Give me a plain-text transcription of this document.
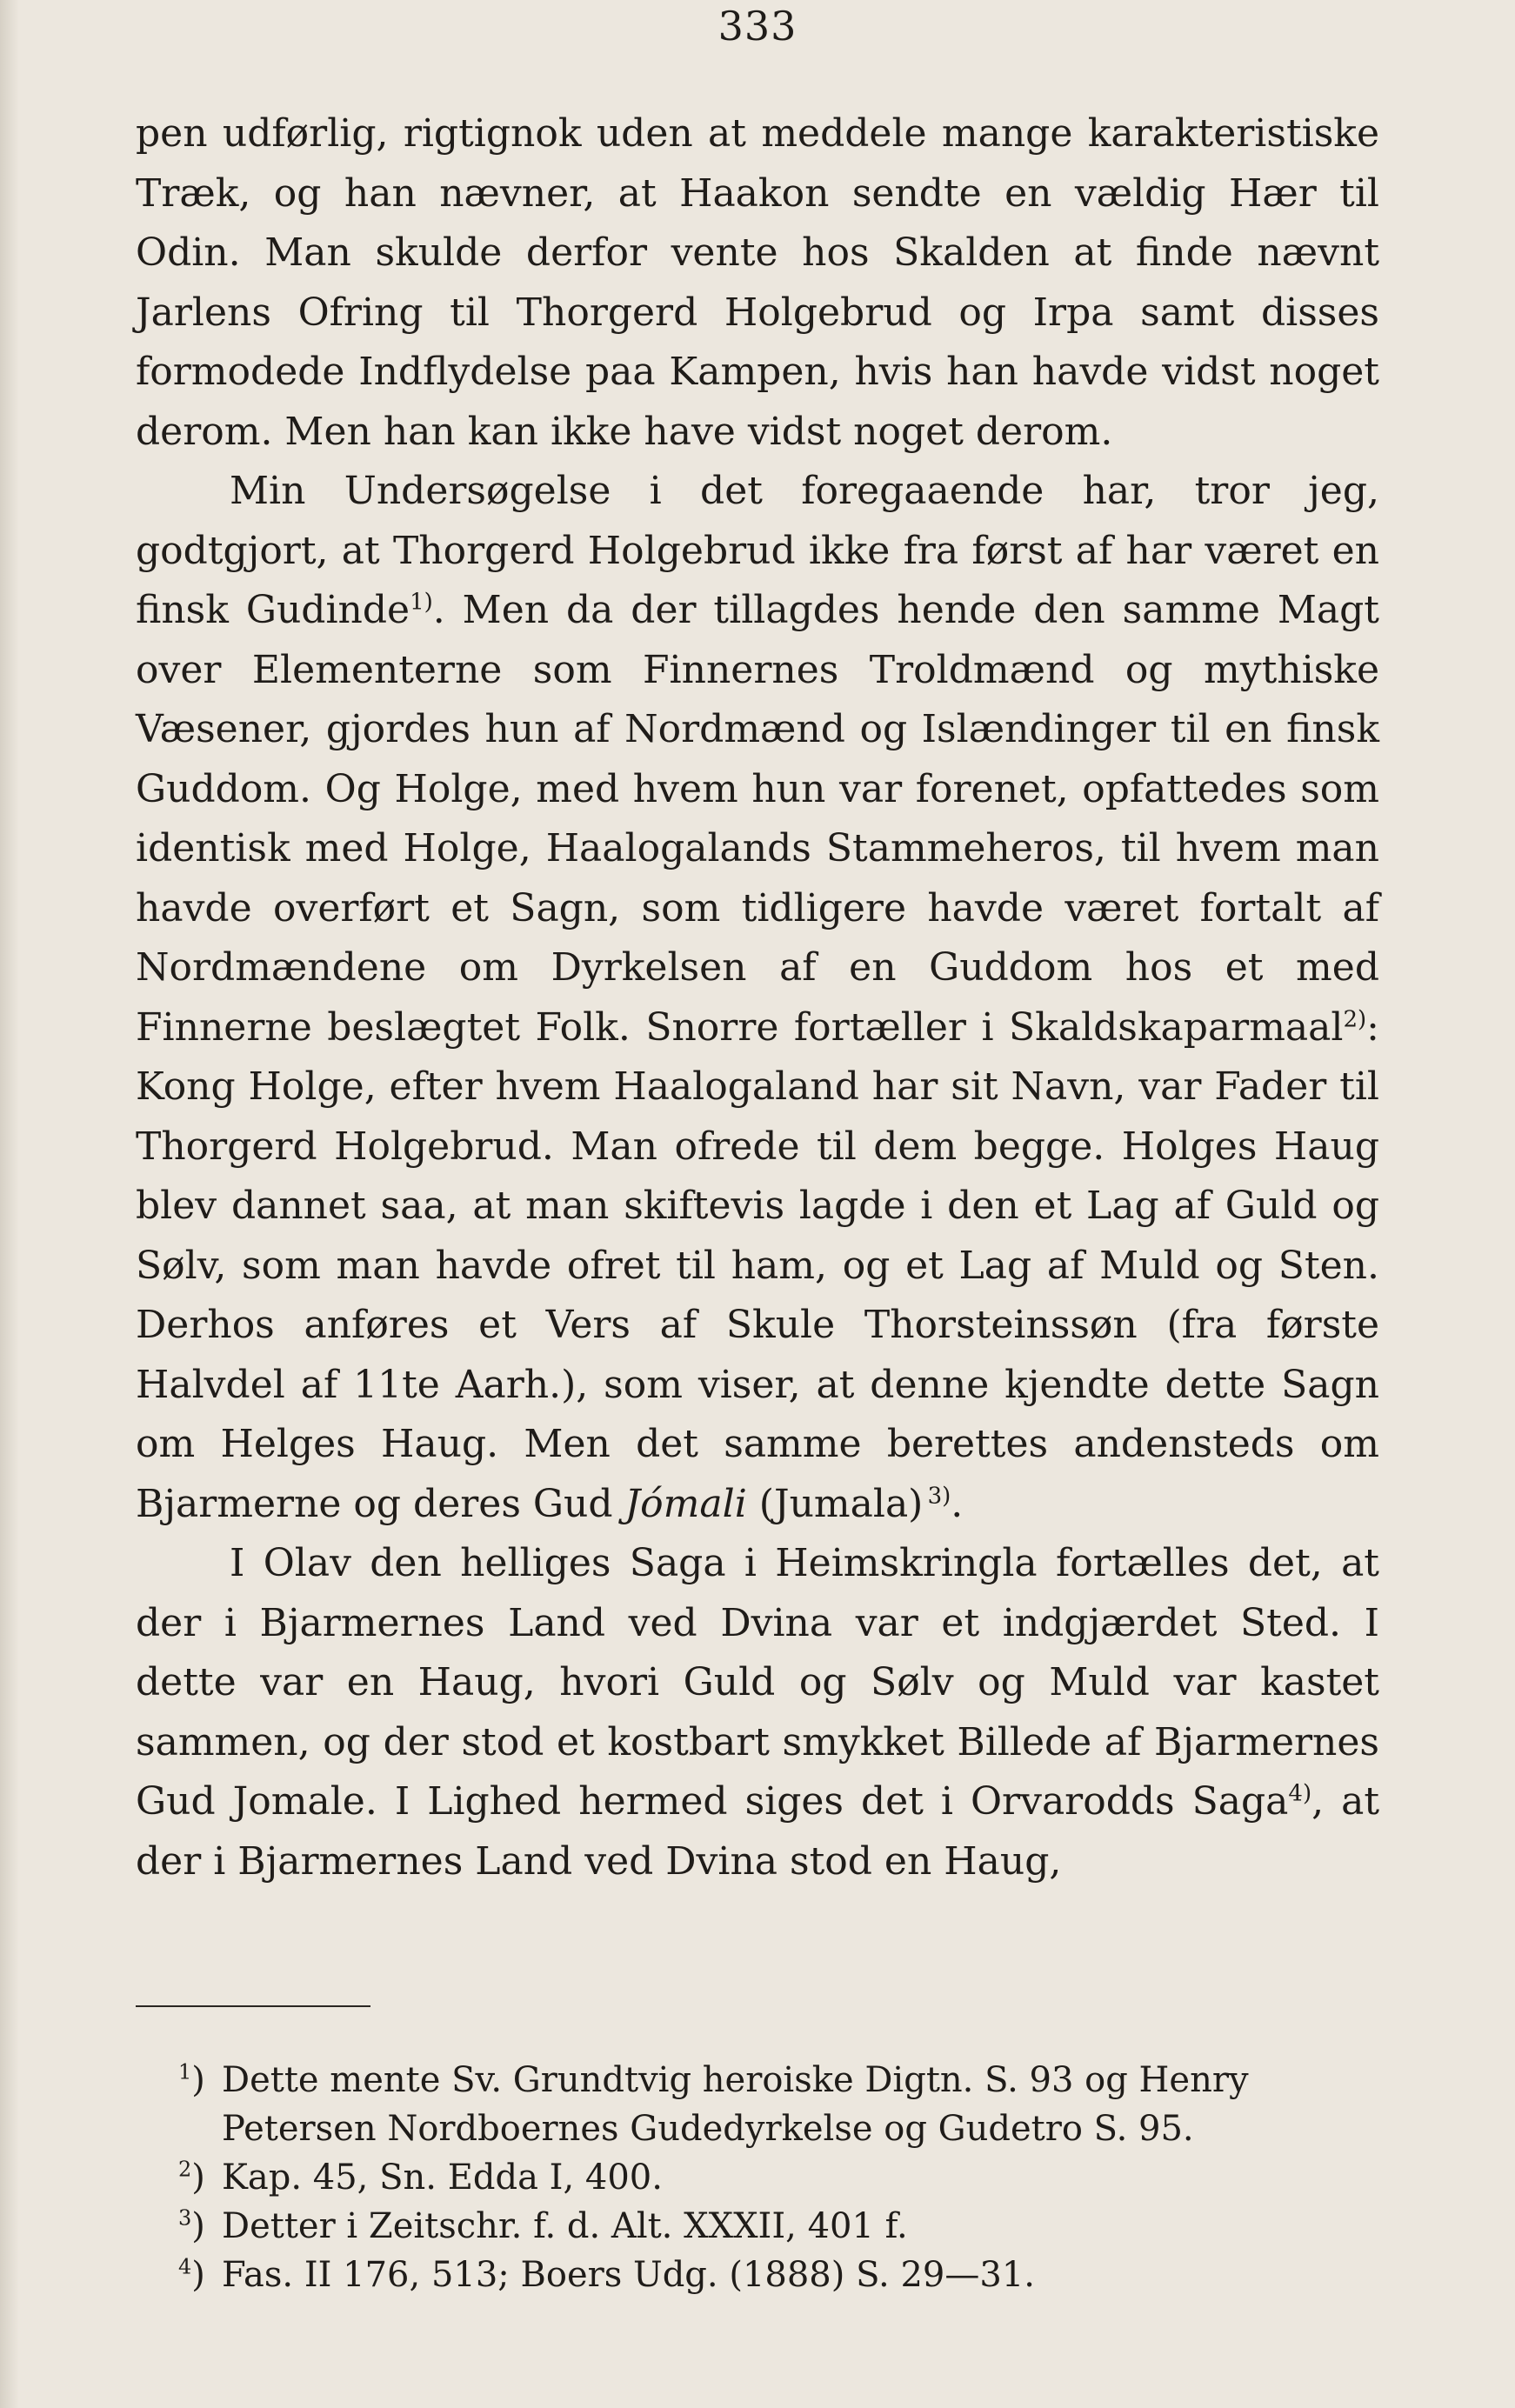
333

pen udførlig, rigtignok uden at meddele mange karakteristiske Træk, og han nævner, at Haakon sendte en vældig Hær til Odin. Man skulde derfor vente hos Skalden at finde nævnt Jarlens Ofring til Thorgerd Holgebrud og Irpa samt disses formodede Indflydelse paa Kampen, hvis han havde vidst noget derom. Men han kan ikke have vidst noget derom.

Min Undersøgelse i det foregaaende har, tror jeg, godtgjort, at Thorgerd Holgebrud ikke fra først af har været en finsk Gudinde$^{1)}$. Men da der tillagdes hende den samme Magt over Elementerne som Finnernes Troldmænd og mythiske Væsener, gjordes hun af Nordmænd og Islændinger til en finsk Guddom. Og Holge, med hvem hun var forenet, opfattedes som identisk med Holge, Haalogalands Stammeheros, til hvem man havde overført et Sagn, som tidligere havde været fortalt af Nordmændene om Dyrkelsen af en Guddom hos et med Finnerne beslægtet Folk. Snorre fortæller i Skaldskaparmaal$^{2)}$: Kong Holge, efter hvem Haalogaland har sit Navn, var Fader til Thorgerd Holgebrud. Man ofrede til dem begge. Holges Haug blev dannet saa, at man skiftevis lagde i den et Lag af Guld og Sølv, som man havde ofret til ham, og et Lag af Muld og Sten. Derhos anføres et Vers af Skule Thorsteinssøn (fra første Halvdel af 11te Aarh.), som viser, at denne kjendte dette Sagn om Helges Haug. Men det samme berettes andensteds om Bjarmerne og deres Gud Jómali (Jumala)  $^{3)}$.

I Olav den helliges Saga i Heimskringla fortælles det, at der i Bjarmernes Land ved Dvina var et indgjærdet Sted. I dette var en Haug, hvori Guld og Sølv og Muld var kastet sammen, og der stod et kostbart smykket Billede af Bjarmernes Gud Jomale. I Lighed hermed siges det i Orvarodds Saga$^{4)}$, at der i Bjarmernes Land ved Dvina stod en Haug,

$^1$) Dette mente Sv. Grundtvig heroiske Digtn. S. 93 og Henry Petersen Nordboernes Gudedyrkelse og Gudetro S. 95.
$^2$) Kap. 45, Sn. Edda I, 400.
$^3$) Detter i Zeitschr. f. d. Alt. XXXII, 401 f.
$^4$) Fas. II 176, 513; Boers Udg. (1888) S. 29—31.
